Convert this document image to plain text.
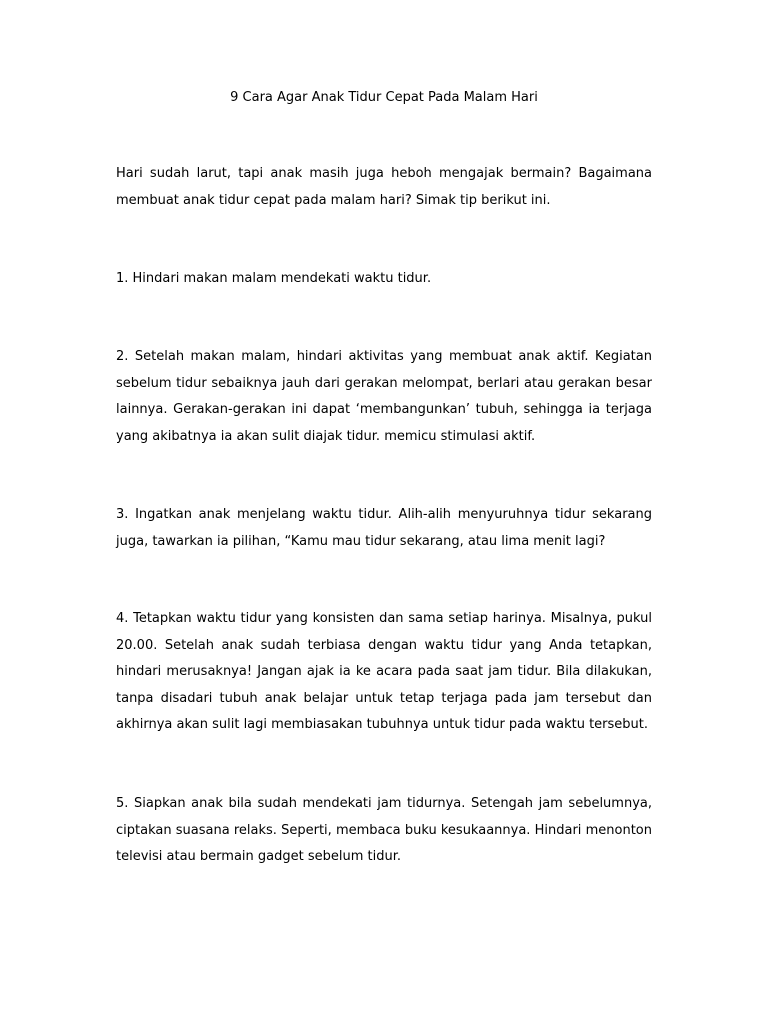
9 Cara Agar Anak Tidur Cepat Pada Malam Hari

Hari sudah larut, tapi anak masih juga heboh mengajak bermain? Bagaimana membuat anak tidur cepat pada malam hari? Simak tip berikut ini.

1. Hindari makan malam mendekati waktu tidur.

2. Setelah makan malam, hindari aktivitas yang membuat anak aktif. Kegiatan sebelum tidur sebaiknya jauh dari gerakan melompat, berlari atau gerakan besar lainnya. Gerakan-gerakan ini dapat ‘membangunkan’ tubuh, sehingga ia terjaga yang akibatnya ia akan sulit diajak tidur. memicu stimulasi aktif.

3. Ingatkan anak menjelang waktu tidur. Alih-alih menyuruhnya tidur sekarang juga, tawarkan ia pilihan, “Kamu mau tidur sekarang, atau lima menit lagi?

4. Tetapkan waktu tidur yang konsisten dan sama setiap harinya. Misalnya, pukul 20.00. Setelah anak sudah terbiasa dengan waktu tidur yang Anda tetapkan, hindari merusaknya! Jangan ajak ia ke acara pada saat jam tidur. Bila dilakukan, tanpa disadari tubuh anak belajar untuk tetap terjaga pada jam tersebut dan akhirnya akan sulit lagi membiasakan tubuhnya untuk tidur pada waktu tersebut.

5. Siapkan anak bila sudah mendekati jam tidurnya. Setengah jam sebelumnya, ciptakan suasana relaks. Seperti, membaca buku kesukaannya. Hindari menonton televisi atau bermain gadget sebelum tidur.
